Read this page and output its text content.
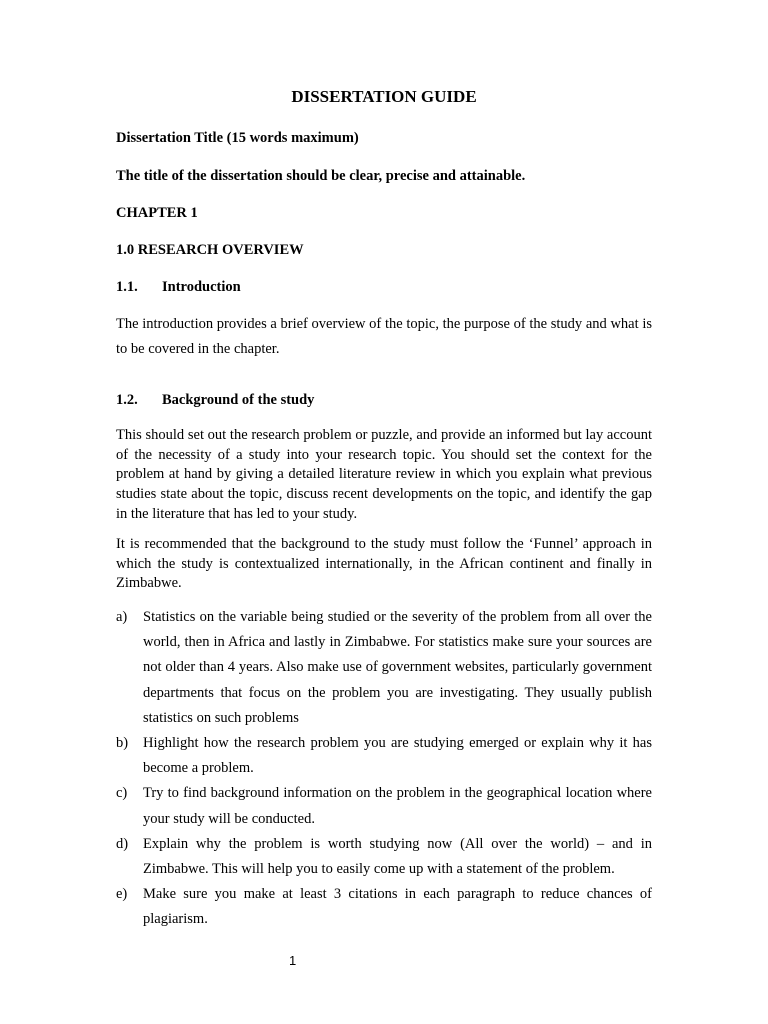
DISSERTATION GUIDE

Dissertation Title (15 words maximum)

The title of the dissertation should be clear, precise and attainable.

CHAPTER 1

1.0 RESEARCH OVERVIEW

1.1. Introduction

The introduction provides a brief overview of the topic, the purpose of the study and what is to be covered in the chapter.

1.2. Background of the study

This should set out the research problem or puzzle, and provide an informed but lay account of the necessity of a study into your research topic. You should set the context for the problem at hand by giving a detailed literature review in which you explain what previous studies state about the topic, discuss recent developments on the topic, and identify the gap in the literature that has led to your study.

It is recommended that the background to the study must follow the ‘Funnel’ approach in which the study is contextualized internationally, in the African continent and finally in Zimbabwe.

a) Statistics on the variable being studied or the severity of the problem from all over the world, then in Africa and lastly in Zimbabwe. For statistics make sure your sources are not older than 4 years. Also make use of government websites, particularly government departments that focus on the problem you are investigating. They usually publish statistics on such problems
b) Highlight how the research problem you are studying emerged or explain why it has become a problem.
c) Try to find background information on the problem in the geographical location where your study will be conducted.
d) Explain why the problem is worth studying now (All over the world) – and in Zimbabwe. This will help you to easily come up with a statement of the problem.
e) Make sure you make at least 3 citations in each paragraph to reduce chances of plagiarism.
1
